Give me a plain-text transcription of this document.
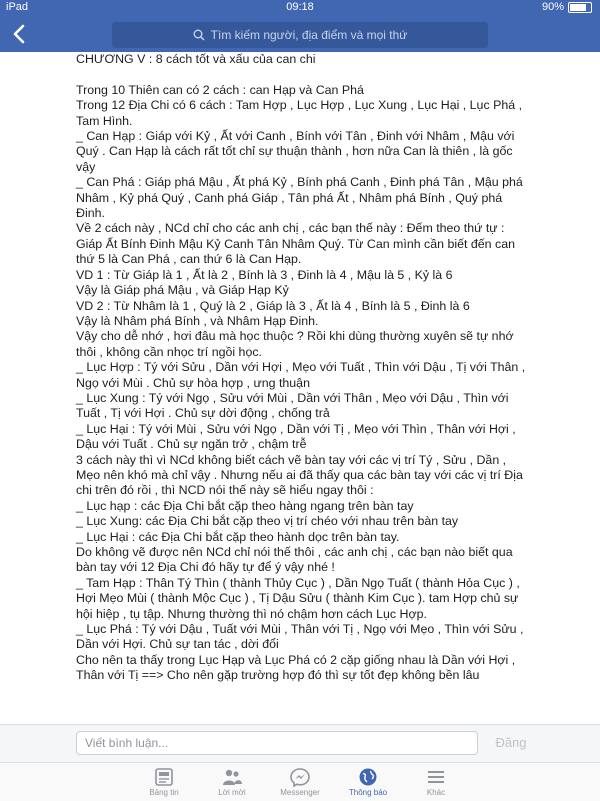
iPad	09:18	90%
Tìm kiếm người, địa điểm và mọi thứ

CHƯƠNG V : 8 cách tốt và xấu của can chi

Trong 10 Thiên can có 2 cách : can Hạp và Can Phá

Trong 12 Địa Chi có 6 cách : Tam Hợp , Lục Hợp , Lục Xung , Lục Hại , Lục Phá , Tam Hình.

_ Can Hạp : Giáp với Kỷ , Ất với Canh , Bính với Tân , Đinh với Nhâm , Mậu với Quý . Can Hạp là cách rất tốt chỉ sự thuận thành , hơn nữa Can là thiên , là gốc vậy

_ Can Phá : Giáp phá Mậu , Ất phá Kỷ , Bính phá Canh , Đinh phá Tân , Mậu phá Nhâm , Kỷ phá Quý , Canh phá Giáp , Tân phá Ất , Nhâm phá Bính , Quý phá Đinh.

Về 2 cách này , NCd chỉ cho các anh chị , các bạn thế này : Đếm theo thứ tự : Giáp Ất Bính Đinh Mậu Kỷ Canh Tân Nhâm Quý. Từ Can mình cần biết đến can thứ 5 là Can Phá , can thứ 6 là Can Hạp.

VD 1 : Từ Giáp là 1 , Ất là 2 , Bính là 3 , Đinh là 4 , Mậu là 5 , Kỷ là 6

Vậy là Giáp phá Mậu , và Giáp Hạp Kỷ

VD 2 : Từ Nhâm là 1 , Quý là 2 , Giáp là 3 , Ất là 4 , Bính là 5 , Đinh là 6

Vậy là Nhâm phá Bính , và Nhâm Hạp Đinh.

Vậy cho dễ nhớ , hơi đâu mà học thuộc ? Rồi khi dùng thường xuyên sẽ tự nhớ thôi , không cần nhọc trí ngồi học.

_ Lục Hợp : Tý với Sửu , Dần với Hợi , Mẹo với Tuất , Thìn với Dậu , Tị với Thân , Ngọ với Mùi . Chủ sự hòa hợp , ưng thuận

_ Lục Xung : Tý với Ngọ , Sửu với Mùi , Dần với Thân , Mẹo với Dậu , Thìn với Tuất , Tị với Hợi . Chủ sự dời động , chống trả

_ Lục Hại : Tý với Mùi , Sửu với Ngọ , Dần với Tị , Mẹo với Thìn , Thân với Hợi , Dậu với Tuất . Chủ sự ngăn trở , chậm trễ

3 cách này thì vì NCd không biết cách vẽ bàn tay với các vị trí Tý , Sửu , Dần , Mẹo nên khó mà chỉ vậy . Nhưng nếu ai đã thấy qua các bàn tay với các vị trí Địa chi trên đó rồi , thì NCD nói thế này sẽ hiểu ngay thôi :

_ Lục hạp : các Địa Chi bắt cặp theo hàng ngang trên bàn tay

_ Lục Xung: các Địa Chi bắt cặp theo vị trí chéo với nhau trên bàn tay

_ Lục Hại : các Địa Chi bắt cặp theo hành dọc trên bàn tay.

Do không vẽ được nên NCd chỉ nói thế thôi , các anh chị , các bạn nào biết qua bàn tay với 12 Địa Chi đó hãy tự để ý vậy nhé !

_ Tam Hạp : Thân Tý Thìn ( thành Thủy Cục ) , Dần Ngọ Tuất ( thành Hỏa Cục ) , Hợi Mẹo Mùi ( thành Mộc Cục ) , Tị Dậu Sửu ( thành Kim Cục ). tam Hợp chủ sự hội hiệp , tụ tập. Nhưng thường thì nó chậm hơn cách Lục Hợp.

_ Lục Phá : Tý với Dậu , Tuất với Mùi , Thân với Tị , Ngọ với Mẹo , Thìn với Sửu , Dần với Hợi. Chủ sự tan tác , dời đổi

Cho nên ta thấy trong Lục Hạp và Lục Phá có 2 cặp giống nhau là Dần với Hợi , Thân với Tị ==> Cho nên gặp trường hợp đó thì sự tốt đẹp không bền lâu

Viết bình luận...	Đăng
Bảng tin	Lời mời	Messenger	Thông báo	Khác
